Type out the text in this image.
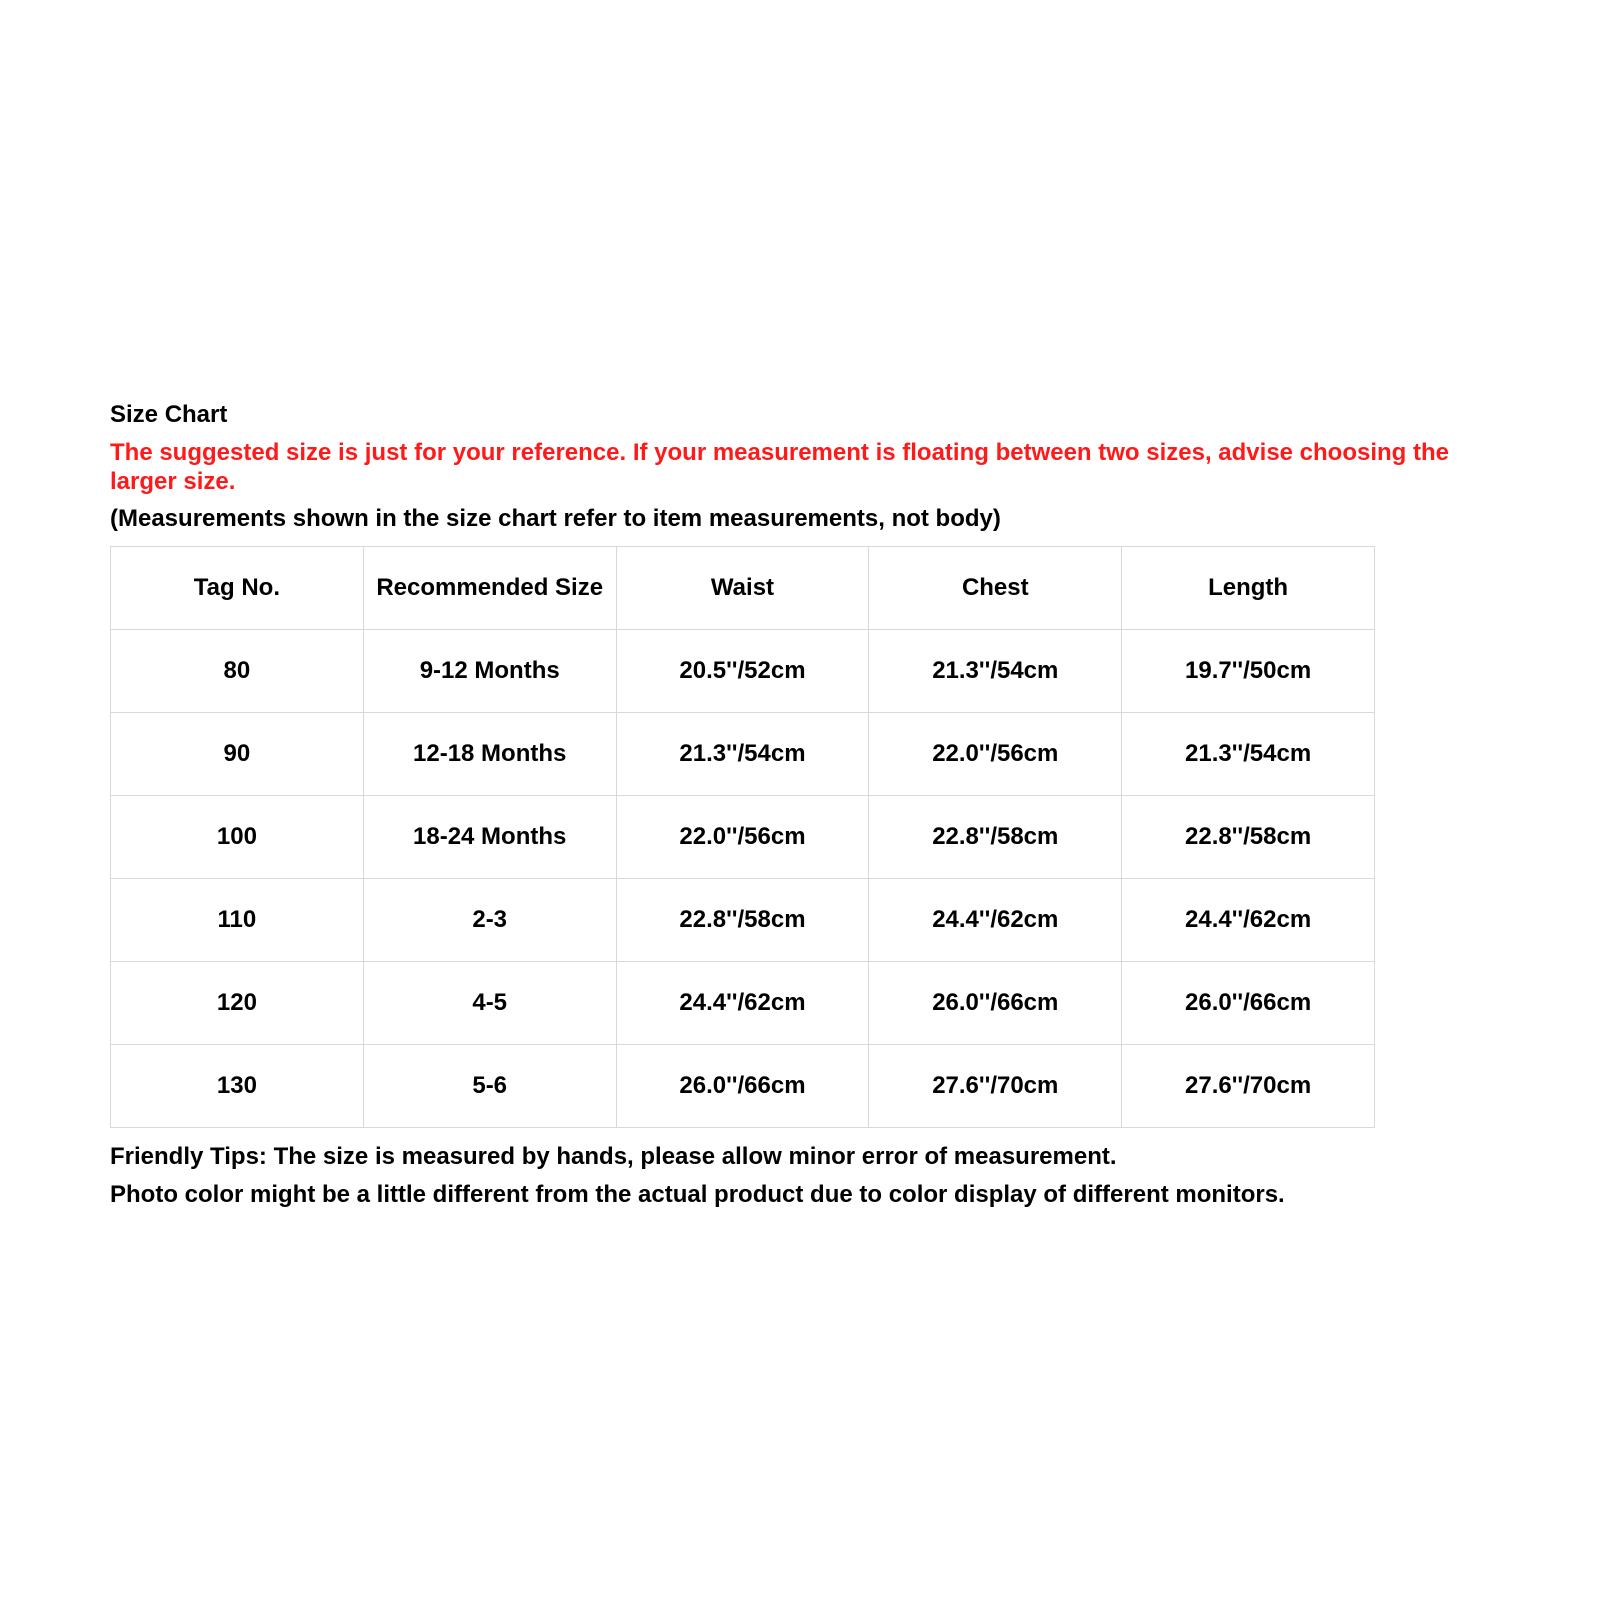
Size Chart

The suggested size is just for your reference. If your measurement is floating between two sizes, advise choosing the larger size.

(Measurements shown in the size chart refer to item measurements, not body)

Tag No.	Recommended Size	Waist	Chest	Length
80	9-12 Months	20.5''/52cm	21.3''/54cm	19.7''/50cm
90	12-18 Months	21.3''/54cm	22.0''/56cm	21.3''/54cm
100	18-24 Months	22.0''/56cm	22.8''/58cm	22.8''/58cm
110	2-3	22.8''/58cm	24.4''/62cm	24.4''/62cm
120	4-5	24.4''/62cm	26.0''/66cm	26.0''/66cm
130	5-6	26.0''/66cm	27.6''/70cm	27.6''/70cm

Friendly Tips: The size is measured by hands, please allow minor error of measurement.

Photo color might be a little different from the actual product due to color display of different monitors.
